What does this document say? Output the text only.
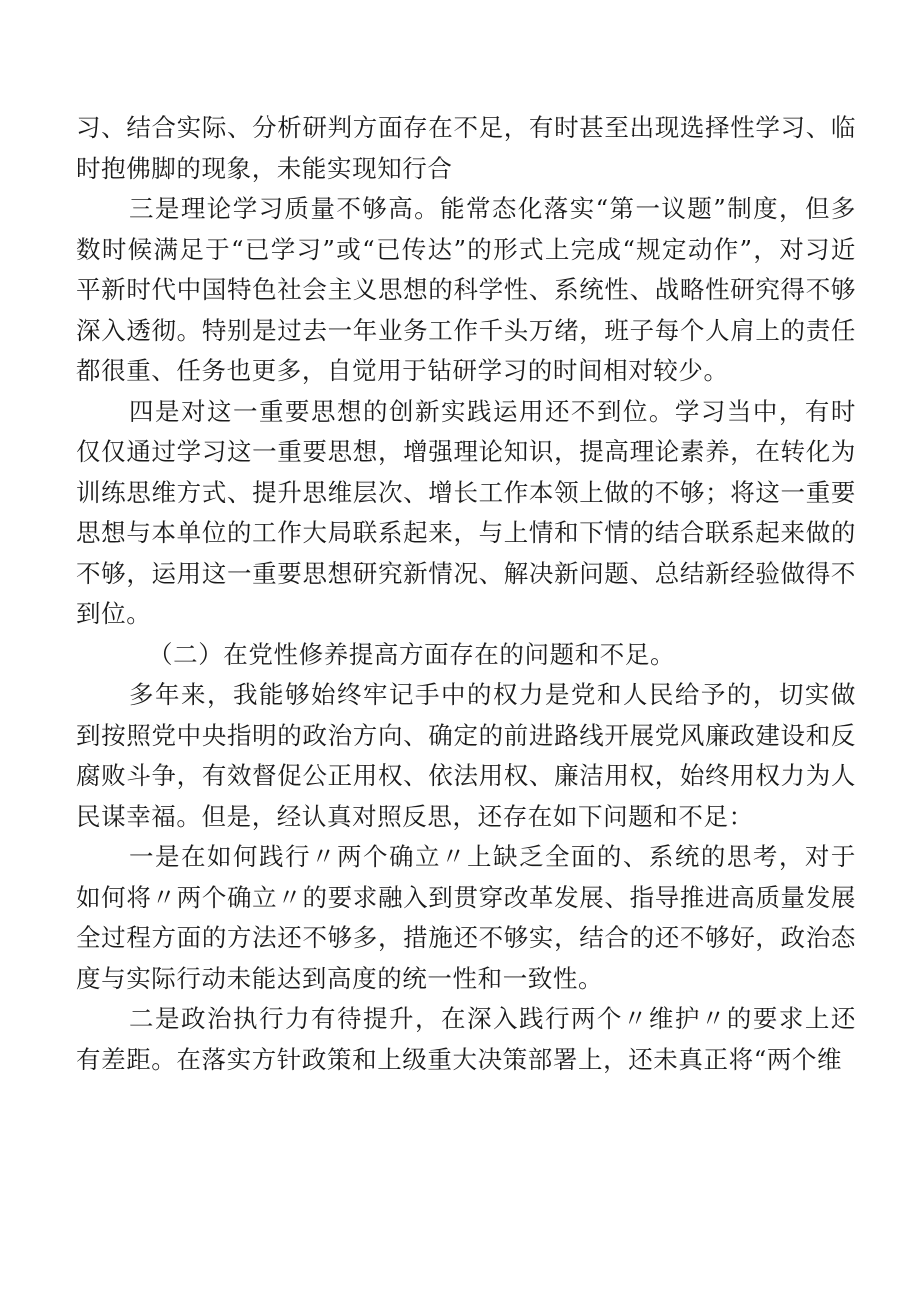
习、结合实际、分析研判方面存在不足，有时甚至出现选择性学习、临时抱佛脚的现象，未能实现知行合

三是理论学习质量不够高。能常态化落实“第一议题”制度，但多数时候满足于“已学习”或“已传达”的形式上完成“规定动作”，对习近平新时代中国特色社会主义思想的科学性、系统性、战略性研究得不够深入透彻。特别是过去一年业务工作千头万绪，班子每个人肩上的责任都很重、任务也更多，自觉用于钻研学习的时间相对较少。

四是对这一重要思想的创新实践运用还不到位。学习当中，有时仅仅通过学习这一重要思想，增强理论知识，提高理论素养，在转化为训练思维方式、提升思维层次、增长工作本领上做的不够；将这一重要思想与本单位的工作大局联系起来，与上情和下情的结合联系起来做的不够，运用这一重要思想研究新情况、解决新问题、总结新经验做得不到位。

（二）在党性修养提高方面存在的问题和不足。

多年来，我能够始终牢记手中的权力是党和人民给予的，切实做到按照党中央指明的政治方向、确定的前进路线开展党风廉政建设和反腐败斗争，有效督促公正用权、依法用权、廉洁用权，始终用权力为人民谋幸福。但是，经认真对照反思，还存在如下问题和不足：

一是在如何践行〃两个确立〃上缺乏全面的、系统的思考，对于如何将〃两个确立〃的要求融入到贯穿改革发展、指导推进高质量发展全过程方面的方法还不够多，措施还不够实，结合的还不够好，政治态度与实际行动未能达到高度的统一性和一致性。

二是政治执行力有待提升，在深入践行两个〃维护〃的要求上还有差距。在落实方针政策和上级重大决策部署上，还未真正将“两个维
